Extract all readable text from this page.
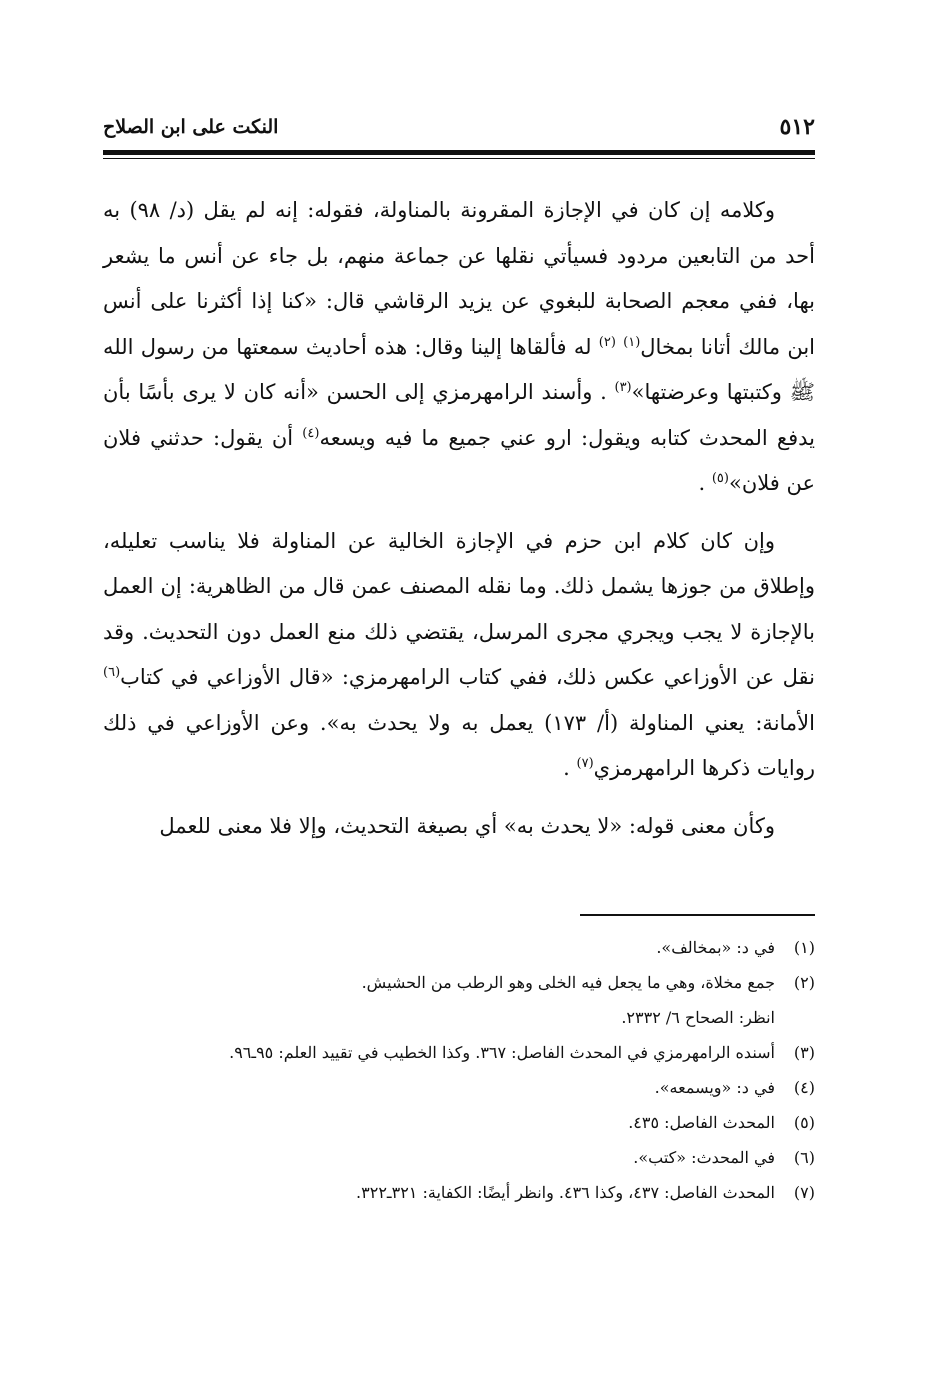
٥١٢
النكت على ابن الصلاح

وكلامه إن كان في الإجازة المقرونة بالمناولة، فقوله: إنه لم يقل (د/ ٩٨) به أحد من التابعين مردود فسيأتي نقلها عن جماعة منهم، بل جاء عن أنس ما يشعر بها، ففي معجم الصحابة للبغوي عن يزيد الرقاشي قال: «كنا إذا أكثرنا على أنس ابن مالك أتانا بمخال$^{(١)}$ $^{(٢)}$ له فألقاها إلينا وقال: هذه أحاديث سمعتها من رسول الله ﷺ وكتبتها وعرضتها»$^{(٣)}$ . وأسند الرامهرمزي إلى الحسن «أنه كان لا يرى بأسًا بأن يدفع المحدث كتابه ويقول: ارو عني جميع ما فيه ويسعه$^{(٤)}$ أن يقول: حدثني فلان عن فلان»$^{(٥)}$ .

وإن كان كلام ابن حزم في الإجازة الخالية عن المناولة فلا يناسب تعليله، وإطلاق من جوزها يشمل ذلك. وما نقله المصنف عمن قال من الظاهرية: إن العمل بالإجازة لا يجب ويجري مجرى المرسل، يقتضي ذلك منع العمل دون التحديث. وقد نقل عن الأوزاعي عكس ذلك، ففي كتاب الرامهرمزي: «قال الأوزاعي في كتاب$^{(٦)}$ الأمانة: يعني المناولة (أ/ ١٧٣) يعمل به ولا يحدث به». وعن الأوزاعي في ذلك روايات ذكرها الرامهرمزي$^{(٧)}$ .

وكأن معنى قوله: «لا يحدث به» أي بصيغة التحديث، وإلا فلا معنى للعمل

(١)في د: «بمخالف».
(٢)جمع مخلاة، وهي ما يجعل فيه الخلى وهو الرطب من الحشيش.
انظر: الصحاح ٦/ ٢٣٣٢.
(٣)أسنده الرامهرمزي في المحدث الفاصل: ٣٦٧. وكذا الخطيب في تقييد العلم: ٩٥ـ٩٦.
(٤)في د: «ويسمعه».
(٥)المحدث الفاصل: ٤٣٥.
(٦)في المحدث: «كتب».
(٧)المحدث الفاصل: ٤٣٧، وكذا ٤٣٦. وانظر أيضًا: الكفاية: ٣٢١ـ٣٢٢.
